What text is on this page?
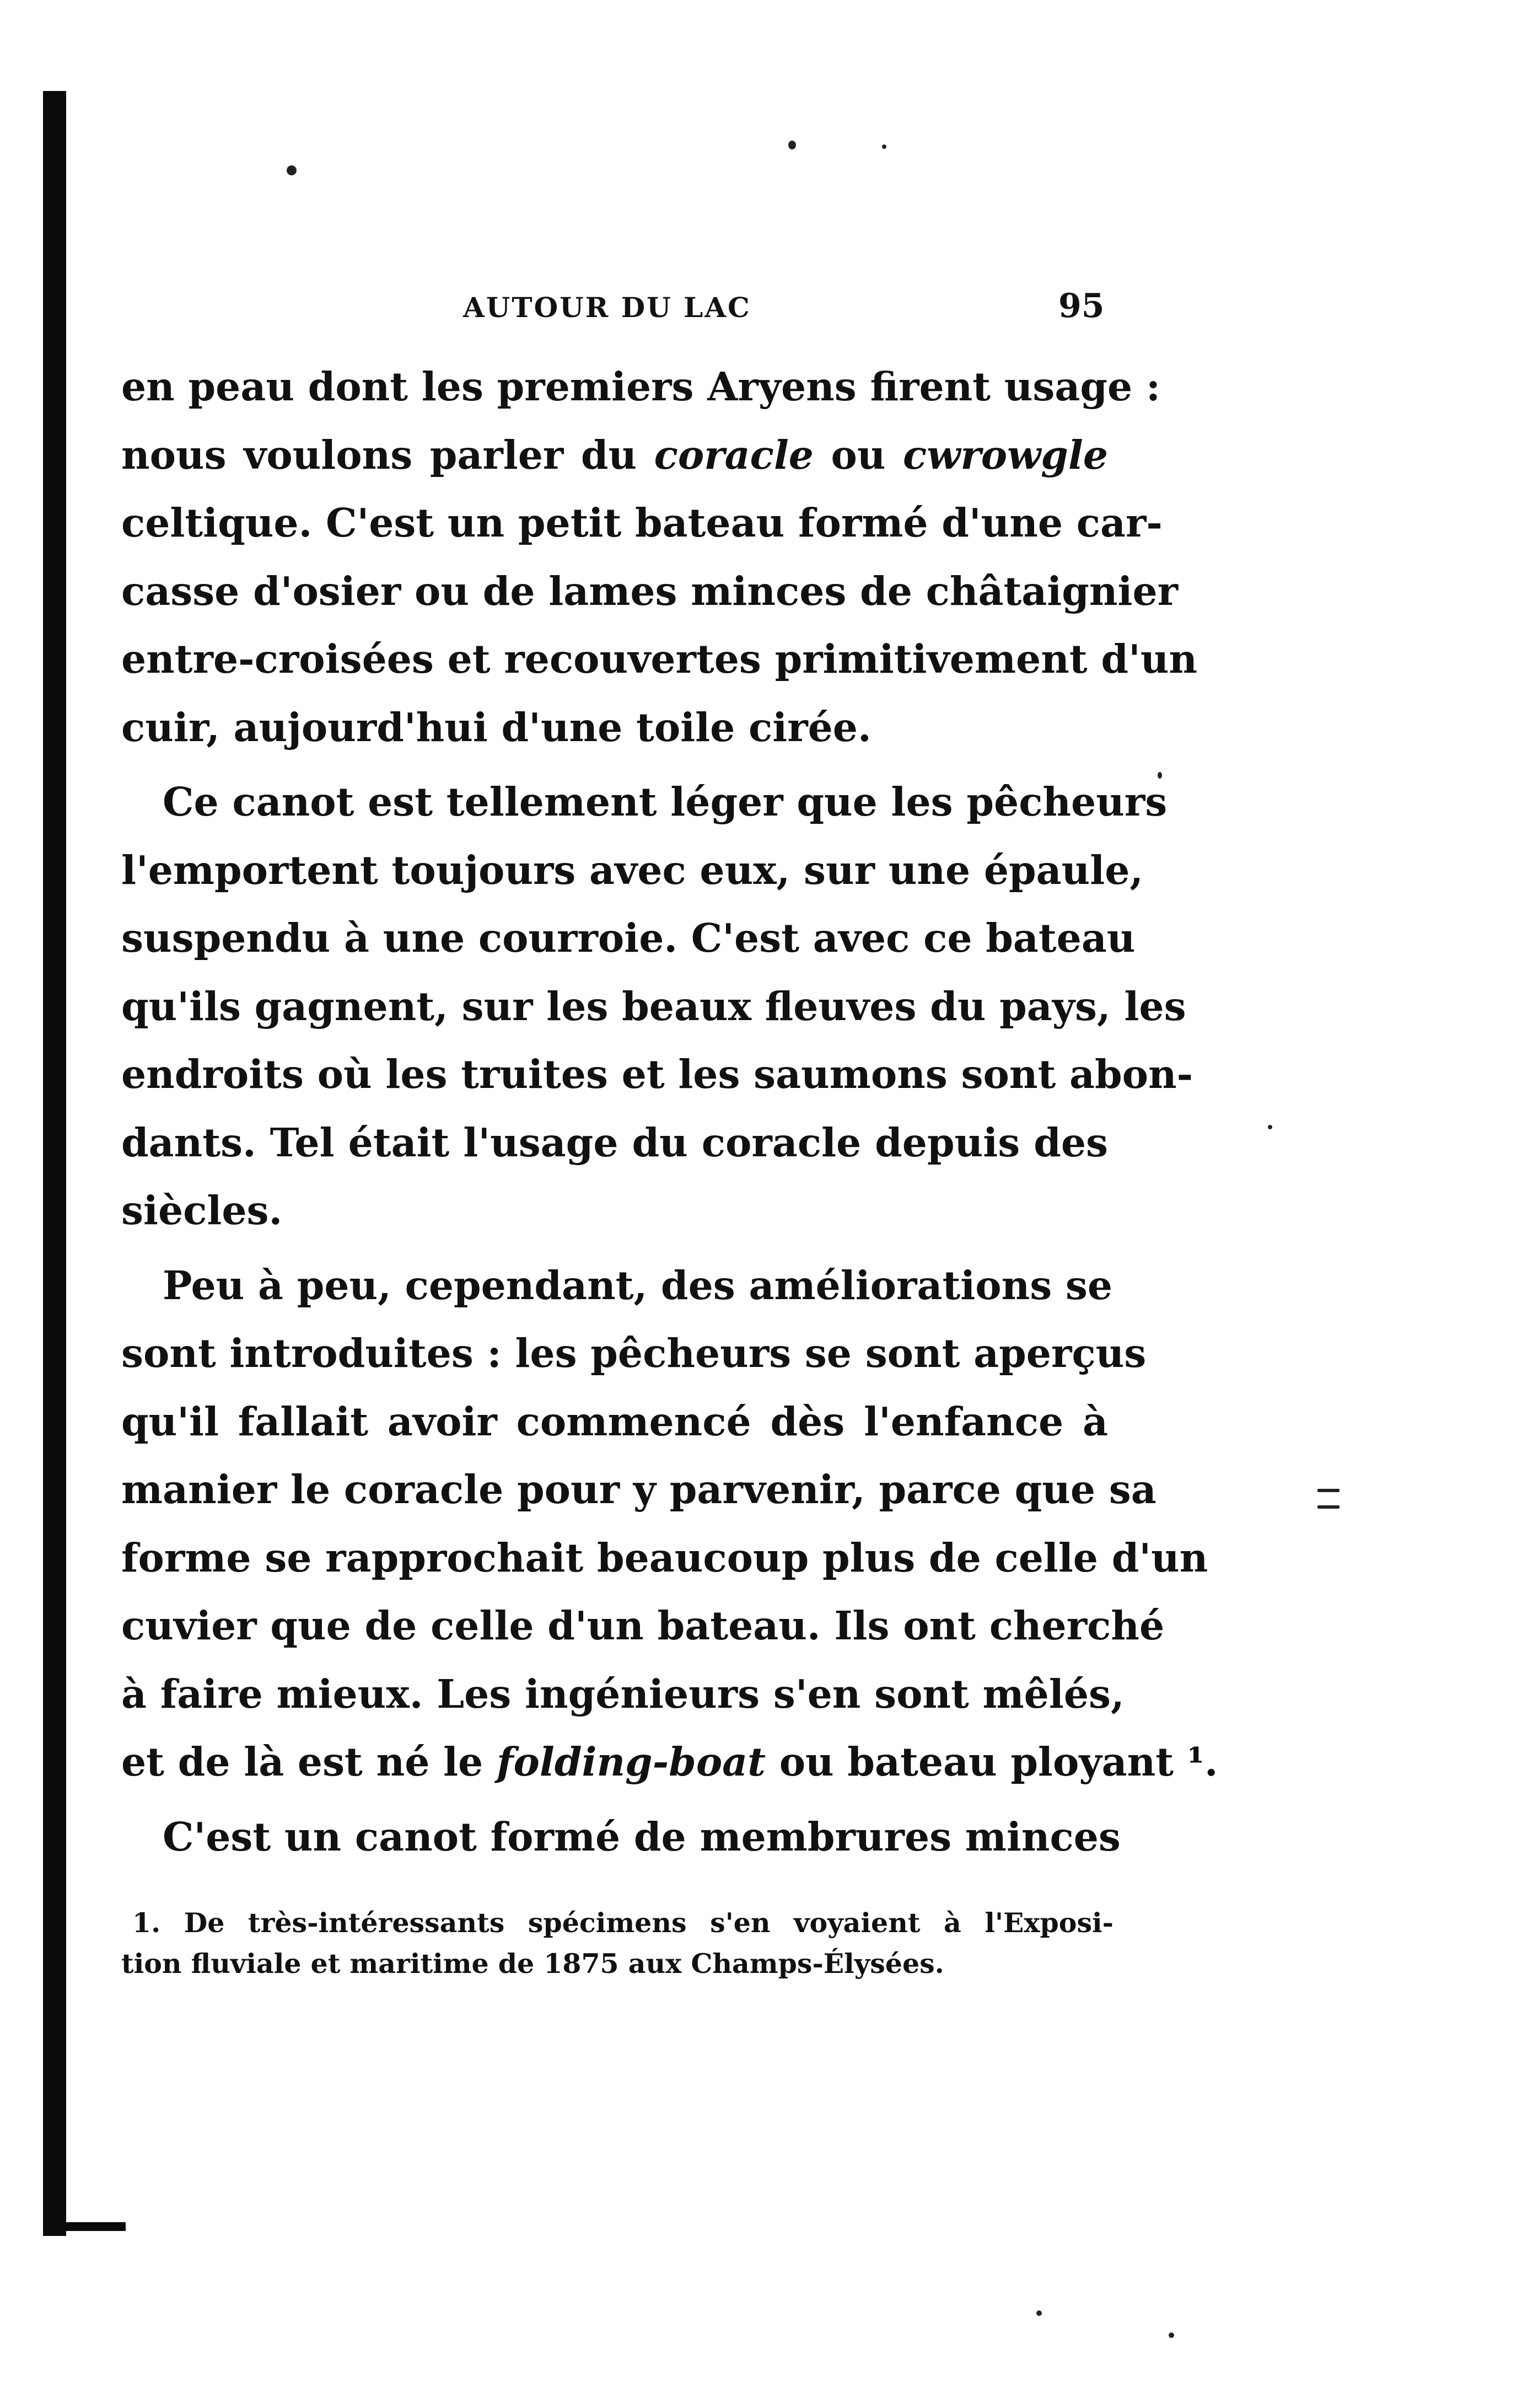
AUTOUR DU LAC	95

en peau dont les premiers Aryens firent usage :
nous voulons parler du coracle ou cwrowgle
celtique. C'est un petit bateau formé d'une car-
casse d'osier ou de lames minces de châtaignier
entre-croisées et recouvertes primitivement d'un
cuir, aujourd'hui d'une toile cirée.

Ce canot est tellement léger que les pêcheurs
l'emportent toujours avec eux, sur une épaule,
suspendu à une courroie. C'est avec ce bateau
qu'ils gagnent, sur les beaux fleuves du pays, les
endroits où les truites et les saumons sont abon-
dants. Tel était l'usage du coracle depuis des
siècles.

Peu à peu, cependant, des améliorations se
sont introduites : les pêcheurs se sont aperçus
qu'il fallait avoir commencé dès l'enfance à
manier le coracle pour y parvenir, parce que sa
forme se rapprochait beaucoup plus de celle d'un
cuvier que de celle d'un bateau. Ils ont cherché
à faire mieux. Les ingénieurs s'en sont mêlés,
et de là est né le folding-boat ou bateau ployant ¹.

C'est un canot formé de membrures minces

1. De très-intéressants spécimens s'en voyaient à l'Exposi-
tion fluviale et maritime de 1875 aux Champs-Élysées.
